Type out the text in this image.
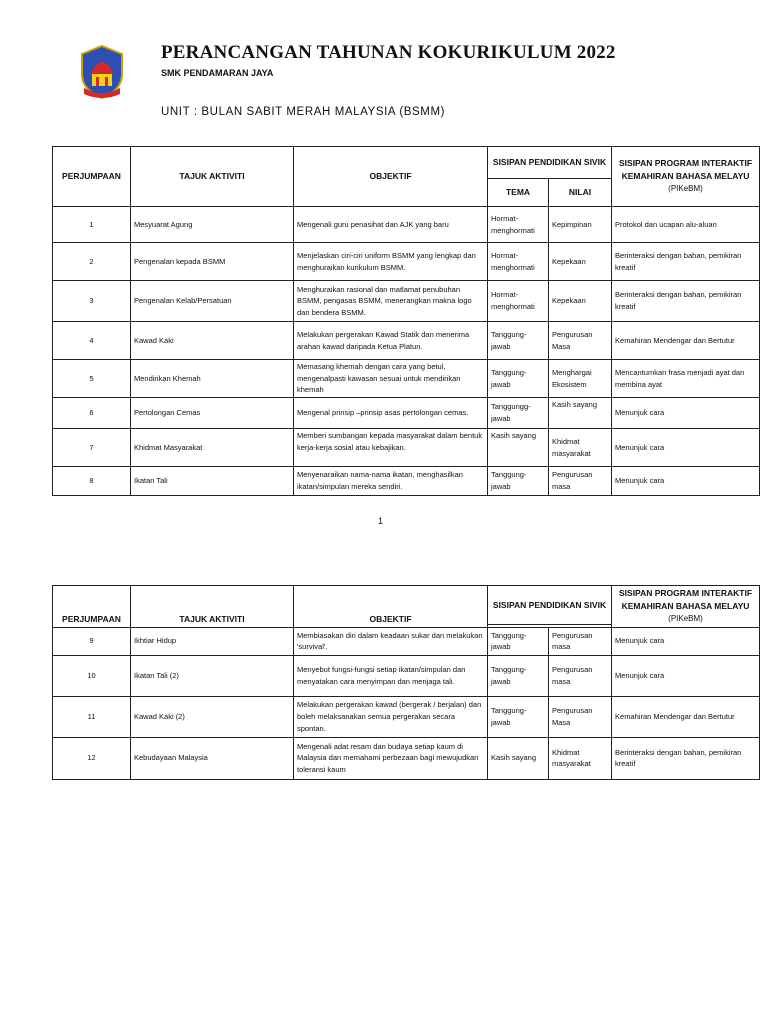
PERANCANGAN TAHUNAN KOKURIKULUM 2022
SMK PENDAMARAN JAYA
UNIT : BULAN SABIT MERAH MALAYSIA (BSMM)
PERJUMPAAN	TAJUK AKTIVITI	OBJEKTIF	SISIPAN PENDIDIKAN SIVIK		SISIPAN PROGRAM INTERAKTIF KEMAHIRAN BAHASA MELAYU
(PIKeBM)

			TEMA	NILAI	
1	Mesyuarat Agung	Mengenali guru penasihat dan AJK yang baru	Hormat-menghormati	Kepimpinan	Protokol dan ucapan alu-aluan
2	Pengenalan kepada BSMM	Menjelaskan ciri-ciri uniform BSMM yang lengkap dan menghuraikan kurikulum BSMM.	Hormat-menghormati	Kepekaan	Berinteraksi dengan bahan, pemikiran kreatif
3	Pengenalan Kelab/Persatuan	Menghuraikan rasional dan matlamat penubuhan BSMM, pengasas BSMM, menerangkan makna logo dan bendera BSMM.	Hormat-menghormati	Kepekaan	Berinteraksi dengan bahan, pemikiran kreatif
4	Kawad Kaki	Melakukan pergerakan Kawad Statik dan menerima arahan kawad daripada Ketua Platun.	Tanggung-jawab	Pengurusan Masa	Kemahiran Mendengar dan Bertutur
5	Mendirikan Khemah	Memasang khemah dengan cara yang betul, mengenalpasti kawasan sesuai untuk mendirikan khemah	Tanggung-jawab	Menghargai Ekosistem	Mencantumkan frasa menjadi ayat dan membina ayat
6	Pertolongan Cemas	Mengenal prinsip –prinsip asas pertolongan cemas.	Tanggungg-jawab	Kasih sayang	Menunjuk cara
7	Khidmat Masyarakat	Memberi sumbangan kepada masyarakat dalam bentuk kerja-kerja sosial atau kebajikan.	Kasih sayang	Khidmat masyarakat	Menunjuk cara
8	Ikatan Tali	Menyenaraikan nama-nama ikatan, menghasilkan ikatan/simpulan mereka sendiri.	Tanggung-jawab	Pengurusan masa	Menunjuk cara
1
PERJUMPAAN	TAJUK AKTIVITI	OBJEKTIF	SISIPAN PENDIDIKAN SIVIK		SISIPAN PROGRAM INTERAKTIF KEMAHIRAN BAHASA MELAYU
(PIKeBM)

9	Ikhtiar Hidup	Membiasakan diri dalam keadaan sukar dan melakukan 'survival'.	Tanggung-jawab	Pengurusan masa	Menunjuk cara
10	Ikatan Tali (2)	Menyebut fungsi-fungsi setiap ikatan/simpulan dan menyatakan cara menyimpan dan menjaga tali.	Tanggung-jawab	Pengurusan masa	Menunjuk cara
11	Kawad Kaki (2)	Melakukan pergerakan kawad (bergerak / berjalan) dan boleh melaksanakan semua pergerakan secara spontan.	Tanggung-jawab	Pengurusan Masa	Kemahiran Mendengar dan Bertutur
12	Kebudayaan Malaysia	Mengenali adat resam dan budaya setiap kaum di Malaysia dan memahami perbezaan bagi mewujudkan toleransi kaum	Kasih sayang	Khidmat masyarakat	Berinteraksi dengan bahan, pemikiran kreatif
